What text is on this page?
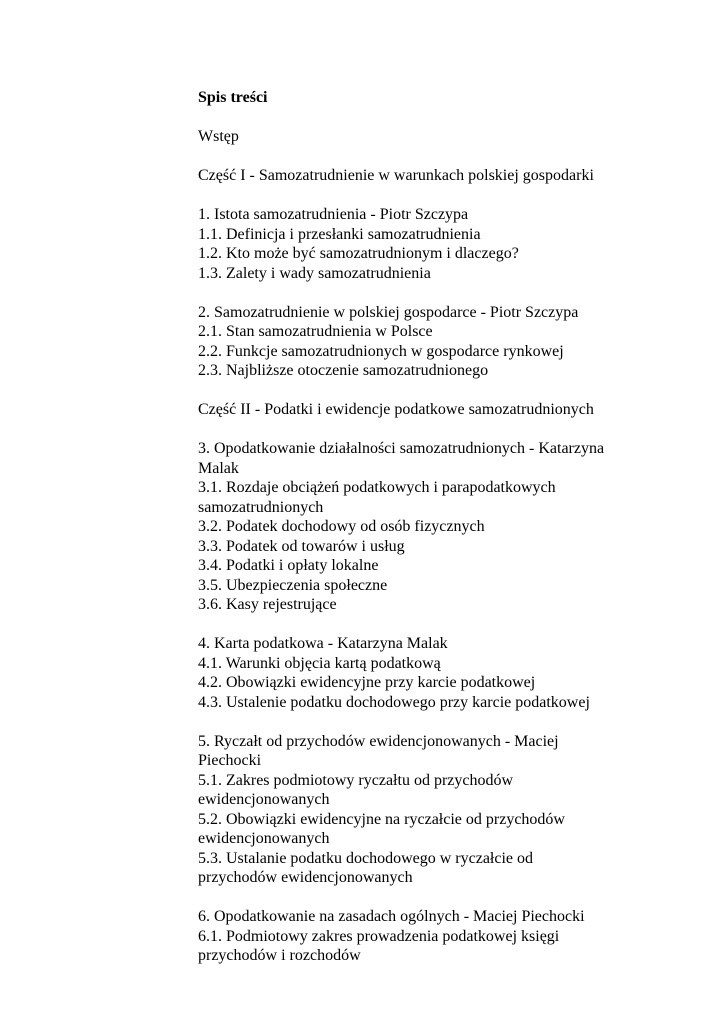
Spis treści

Wstęp
Część I - Samozatrudnienie w warunkach polskiej gospodarki
1. Istota samozatrudnienia - Piotr Szczypa
1.1. Definicja i przesłanki samozatrudnienia
1.2. Kto może być samozatrudnionym i dlaczego?
1.3. Zalety i wady samozatrudnienia
2. Samozatrudnienie w polskiej gospodarce - Piotr Szczypa
2.1. Stan samozatrudnienia w Polsce
2.2. Funkcje samozatrudnionych w gospodarce rynkowej
2.3. Najbliższe otoczenie samozatrudnionego
Część II - Podatki i ewidencje podatkowe samozatrudnionych
3. Opodatkowanie działalności samozatrudnionych - Katarzyna
Malak
3.1. Rozdaje obciążeń podatkowych i parapodatkowych
samozatrudnionych
3.2. Podatek dochodowy od osób fizycznych
3.3. Podatek od towarów i usług
3.4. Podatki i opłaty lokalne
3.5. Ubezpieczenia społeczne
3.6. Kasy rejestrujące
4. Karta podatkowa - Katarzyna Malak
4.1. Warunki objęcia kartą podatkową
4.2. Obowiązki ewidencyjne przy karcie podatkowej
4.3. Ustalenie podatku dochodowego przy karcie podatkowej
5. Ryczałt od przychodów ewidencjonowanych - Maciej
Piechocki
5.1. Zakres podmiotowy ryczałtu od przychodów
ewidencjonowanych
5.2. Obowiązki ewidencyjne na ryczałcie od przychodów
ewidencjonowanych
5.3. Ustalanie podatku dochodowego w ryczałcie od
przychodów ewidencjonowanych
6. Opodatkowanie na zasadach ogólnych - Maciej Piechocki
6.1. Podmiotowy zakres prowadzenia podatkowej księgi
przychodów i rozchodów
